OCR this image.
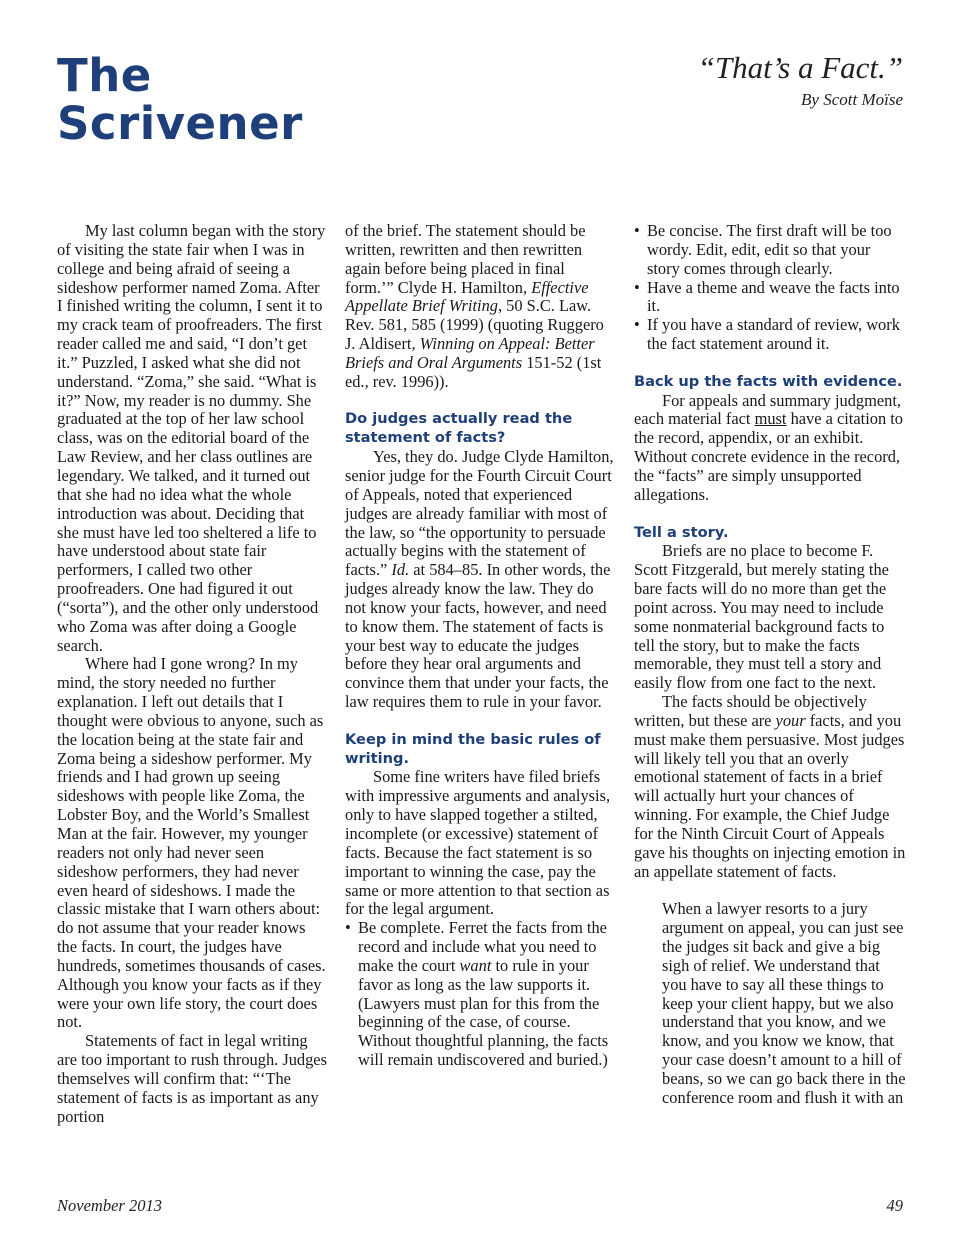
The
Scrivener
“That’s a Fact.”
By Scott Moïse

My last column began with the story of visiting the state fair when I was in college and being afraid of seeing a sideshow performer named Zoma. After I finished writing the column, I sent it to my crack team of proofreaders. The first reader called me and said, “I don’t get it.” Puzzled, I asked what she did not understand. “Zoma,” she said. “What is it?” Now, my reader is no dummy. She graduated at the top of her law school class, was on the editorial board of the Law Review, and her class outlines are legendary. We talked, and it turned out that she had no idea what the whole introduction was about. Deciding that she must have led too sheltered a life to have understood about state fair performers, I called two other proofreaders. One had figured it out (“sorta”), and the other only understood who Zoma was after doing a Google search.

Where had I gone wrong? In my mind, the story needed no further explanation. I left out details that I thought were obvious to anyone, such as the location being at the state fair and Zoma being a sideshow performer. My friends and I had grown up seeing sideshows with people like Zoma, the Lobster Boy, and the World’s Smallest Man at the fair. However, my younger readers not only had never seen sideshow performers, they had never even heard of sideshows. I made the classic mistake that I warn others about: do not assume that your reader knows the facts. In court, the judges have hundreds, sometimes thousands of cases. Although you know your facts as if they were your own life story, the court does not.

Statements of fact in legal writing are too important to rush through. Judges themselves will confirm that: “‘The statement of facts is as important as any portion

of the brief. The statement should be written, rewritten and then rewritten again before being placed in final form.’” Clyde H. Hamilton, Effective Appellate Brief Writing, 50 S.C. Law. Rev. 581, 585 (1999) (quoting Ruggero J. Aldisert, Winning on Appeal: Better Briefs and Oral Arguments 151-52 (1st ed., rev. 1996)).

Do judges actually read the statement of facts?

Yes, they do. Judge Clyde Hamilton, senior judge for the Fourth Circuit Court of Appeals, noted that experienced judges are already familiar with most of the law, so “the opportunity to persuade actually begins with the statement of facts.” Id. at 584–85. In other words, the judges already know the law. They do not know your facts, however, and need to know them. The statement of facts is your best way to educate the judges before they hear oral arguments and convince them that under your facts, the law requires them to rule in your favor.

Keep in mind the basic rules of writing.

Some fine writers have filed briefs with impressive arguments and analysis, only to have slapped together a stilted, incomplete (or excessive) statement of facts. Because the fact statement is so important to winning the case, pay the same or more attention to that section as for the legal argument.

• Be complete. Ferret the facts from the record and include what you need to make the court want to rule in your favor as long as the law supports it. (Lawyers must plan for this from the beginning of the case, of course. Without thoughtful planning, the facts will remain undiscovered and buried.)
• Be concise. The first draft will be too wordy. Edit, edit, edit so that your story comes through clearly.
• Have a theme and weave the facts into it.
• If you have a standard of review, work the fact statement around it.
Back up the facts with evidence.

For appeals and summary judgment, each material fact must have a citation to the record, appendix, or an exhibit. Without concrete evidence in the record, the “facts” are simply unsupported allegations.

Tell a story.

Briefs are no place to become F. Scott Fitzgerald, but merely stating the bare facts will do no more than get the point across. You may need to include some nonmaterial background facts to tell the story, but to make the facts memorable, they must tell a story and easily flow from one fact to the next.

The facts should be objectively written, but these are your facts, and you must make them persuasive. Most judges will likely tell you that an overly emotional statement of facts in a brief will actually hurt your chances of winning. For example, the Chief Judge for the Ninth Circuit Court of Appeals gave his thoughts on injecting emotion in an appellate statement of facts.

When a lawyer resorts to a jury argument on appeal, you can just see the judges sit back and give a big sigh of relief. We understand that you have to say all these things to keep your client happy, but we also understand that you know, and we know, and you know we know, that your case doesn’t amount to a hill of beans, so we can go back there in the conference room and flush it with an

November 2013	49
